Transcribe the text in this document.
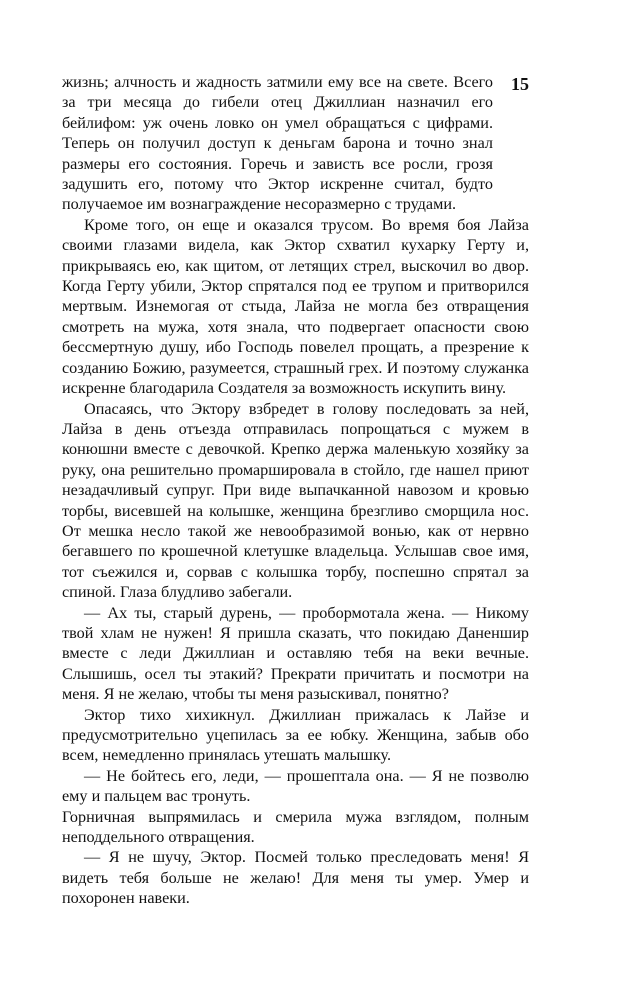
15

жизнь; алчность и жадность затмили ему все на свете. Всего за три месяца до гибели отец Джиллиан назначил его бейлифом: уж очень ловко он умел обращаться с цифрами. Теперь он получил доступ к деньгам барона и точно знал размеры его состояния. Горечь и зависть все росли, грозя задушить его, потому что Эктор искренне считал, будто получаемое им вознаграждение несоразмерно с трудами.

Кроме того, он еще и оказался трусом. Во время боя Лайза своими глазами видела, как Эктор схватил кухарку Герту и, прикрываясь ею, как щитом, от летящих стрел, выскочил во двор. Когда Герту убили, Эктор спрятался под ее трупом и притворился мертвым. Изнемогая от стыда, Лайза не могла без отвращения смотреть на мужа, хотя знала, что подвергает опасности свою бессмертную душу, ибо Господь повелел прощать, а презрение к созданию Божию, разумеется, страшный грех. И поэтому служанка искренне благодарила Создателя за возможность искупить вину.

Опасаясь, что Эктору взбредет в голову последовать за ней, Лайза в день отъезда отправилась попрощаться с мужем в конюшни вместе с девочкой. Крепко держа маленькую хозяйку за руку, она решительно промаршировала в стойло, где нашел приют незадачливый супруг. При виде выпачканной навозом и кровью торбы, висевшей на колышке, женщина брезгливо сморщила нос. От мешка несло такой же невообразимой вонью, как от нервно бегавшего по крошечной клетушке владельца. Услышав свое имя, тот съежился и, сорвав с колышка торбу, поспешно спрятал за спиной. Глаза блудливо забегали.

— Ах ты, старый дурень, — пробормотала жена. — Никому твой хлам не нужен! Я пришла сказать, что покидаю Даненшир вместе с леди Джиллиан и оставляю тебя на веки вечные. Слышишь, осел ты этакий? Прекрати причитать и посмотри на меня. Я не желаю, чтобы ты меня разыскивал, понятно?

Эктор тихо хихикнул. Джиллиан прижалась к Лайзе и предусмотрительно уцепилась за ее юбку. Женщина, забыв обо всем, немедленно принялась утешать малышку.

— Не бойтесь его, леди, — прошептала она. — Я не позволю ему и пальцем вас тронуть.

Горничная выпрямилась и смерила мужа взглядом, полным неподдельного отвращения.

— Я не шучу, Эктор. Посмей только преследовать меня! Я видеть тебя больше не желаю! Для меня ты умер. Умер и похоронен навеки.
